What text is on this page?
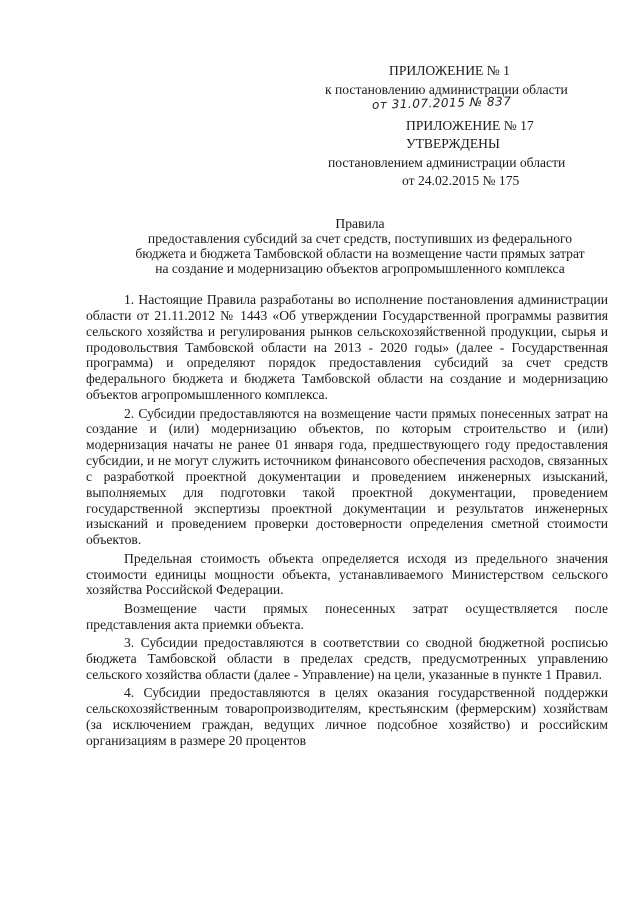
ПРИЛОЖЕНИЕ № 1
к постановлению администрации области
от 31.07.2015 № 837
ПРИЛОЖЕНИЕ № 17
УТВЕРЖДЕНЫ
постановлением администрации области
от 24.02.2015 № 175
Правила
предоставления субсидий за счет средств, поступивших из федерального
бюджета и бюджета Тамбовской области на возмещение части прямых затрат
на создание и модернизацию объектов агропромышленного комплекса

1. Настоящие Правила разработаны во исполнение постановления администрации области от 21.11.2012 № 1443 «Об утверждении Государственной программы развития сельского хозяйства и регулирования рынков сельскохозяйственной продукции, сырья и продовольствия Тамбовской области на 2013 - 2020 годы» (далее - Государственная программа) и определяют порядок предоставления субсидий за счет средств федерального бюджета и бюджета Тамбовской области на создание и модернизацию объектов агропромышленного комплекса.

2. Субсидии предоставляются на возмещение части прямых понесенных затрат на создание и (или) модернизацию объектов, по которым строительство и (или) модернизация начаты не ранее 01 января года, предшествующего году предоставления субсидии, и не могут служить источником финансового обеспечения расходов, связанных с разработкой проектной документации и проведением инженерных изысканий, выполняемых для подготовки такой проектной документации, проведением государственной экспертизы проектной документации и результатов инженерных изысканий и проведением проверки достоверности определения сметной стоимости объектов.

Предельная стоимость объекта определяется исходя из предельного значения стоимости единицы мощности объекта, устанавливаемого Министерством сельского хозяйства Российской Федерации.

Возмещение части прямых понесенных затрат осуществляется после представления акта приемки объекта.

3. Субсидии предоставляются в соответствии со сводной бюджетной росписью бюджета Тамбовской области в пределах средств, предусмотренных управлению сельского хозяйства области (далее - Управление) на цели, указанные в пункте 1 Правил.

4. Субсидии предоставляются в целях оказания государственной поддержки сельскохозяйственным товаропроизводителям, крестьянским (фермерским) хозяйствам (за исключением граждан, ведущих личное подсобное хозяйство) и российским организациям в размере 20 процентов
